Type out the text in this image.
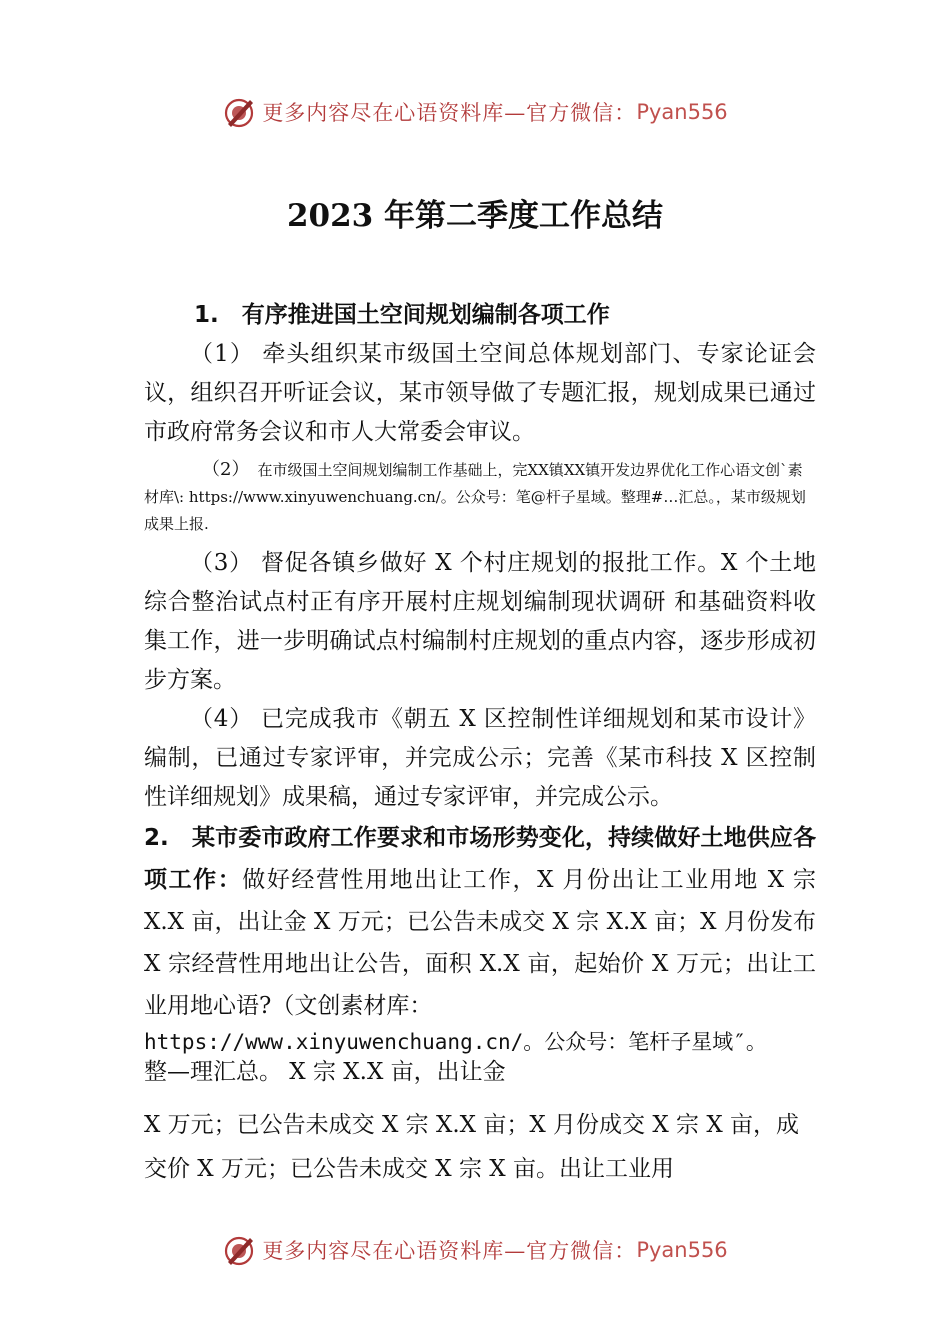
更多内容尽在心语资料库—官方微信： Pyan556
2023 年第二季度工作总结

1.　有序推进国土空间规划编制各项工作

（1） 牵头组织某市级国土空间总体规划部门、专家论证会议，组织召开听证会议，某市领导做了专题汇报，规划成果已通过市政府常务会议和市人大常委会审议。

（2） 在市级国土空间规划编制工作基础上，完XX镇XX镇开发边界优化工作心语文创`素材库\: https://www.xinyuwenchuang.cn/。公众号：笔@杆子星域。整理#…汇总。，某市级规划成果上报.

（3） 督促各镇乡做好 X 个村庄规划的报批工作。X 个土地综合整治试点村正有序开展村庄规划编制现状调研 和基础资料收集工作，进一步明确试点村编制村庄规划的重点内容，逐步形成初步方案。

（4） 已完成我市《朝五 X 区控制性详细规划和某市设计》编制，已通过专家评审，并完成公示；完善《某市科技 X 区控制性详细规划》成果稿，通过专家评审，并完成公示。

2.　某市委市政府工作要求和市场形势变化，持续做好土地供应各项工作：做好经营性用地出让工作，X 月份出让工业用地 X 宗 X.X 亩，出让金 X 万元；已公告未成交 X 宗 X.X 亩；X 月份发布 X 宗经营性用地出让公告，面积 X.X 亩，起始价 X 万元；出让工业用地心语?（文创素材库：

https://www.xinyuwenchuang.cn/。公众号：笔杆子星域″。
整—理汇总。 X 宗 X.X 亩，出让金

X 万元；已公告未成交 X 宗 X.X 亩；X 月份成交 X 宗 X 亩，成交价 X 万元；已公告未成交 X 宗 X 亩。出让工业用

更多内容尽在心语资料库—官方微信： Pyan556
